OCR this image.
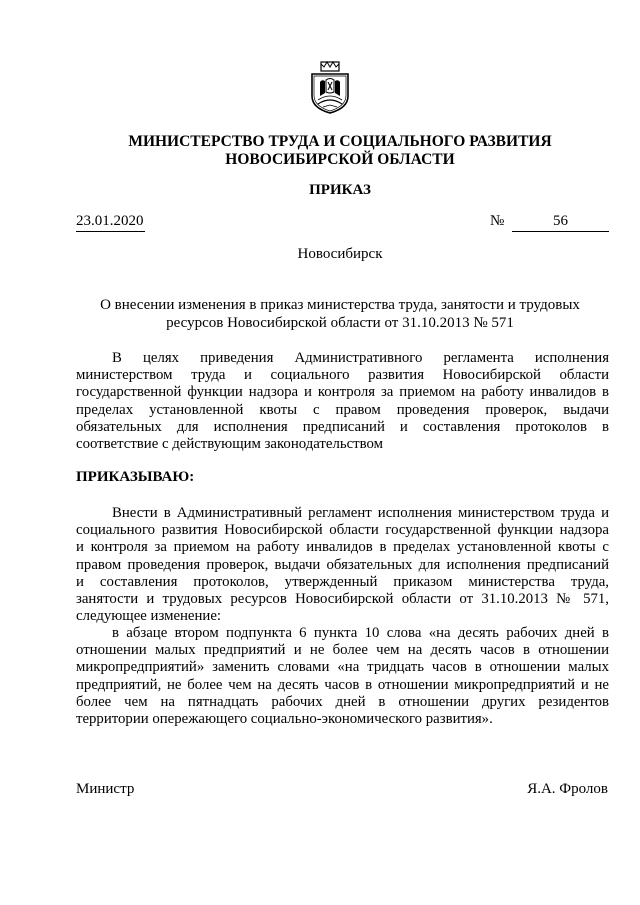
МИНИСТЕРСТВО ТРУДА И СОЦИАЛЬНОГО РАЗВИТИЯ
НОВОСИБИРСКОЙ ОБЛАСТИ
ПРИКАЗ
23.01.2020	№	56
Новосибирск
О внесении изменения в приказ министерства труда, занятости и трудовых
ресурсов Новосибирской области от 31.10.2013 № 571
В целях приведения Административного регламента исполнения
министерством труда и социального развития Новосибирской области
государственной функции надзора и контроля за приемом на работу инвалидов в
пределах установленной квоты с правом проведения проверок, выдачи
обязательных для исполнения предписаний и составления протоколов в
соответствие с действующим законодательством
ПРИКАЗЫВАЮ:
Внести в Административный регламент исполнения министерством труда и
социального развития Новосибирской области государственной функции надзора
и контроля за приемом на работу инвалидов в пределах установленной квоты с
правом проведения проверок, выдачи обязательных для исполнения предписаний
и составления протоколов, утвержденный приказом министерства труда,
занятости и трудовых ресурсов Новосибирской области от 31.10.2013 № 571,
следующее изменение:
в абзаце втором подпункта 6 пункта 10 слова «на десять рабочих дней в
отношении малых предприятий и не более чем на десять часов в отношении
микропредприятий» заменить словами «на тридцать часов в отношении малых
предприятий, не более чем на десять часов в отношении микропредприятий и не
более чем на пятнадцать рабочих дней в отношении других резидентов
территории опережающего социально-экономического развития».
Министр	Я.А. Фролов
